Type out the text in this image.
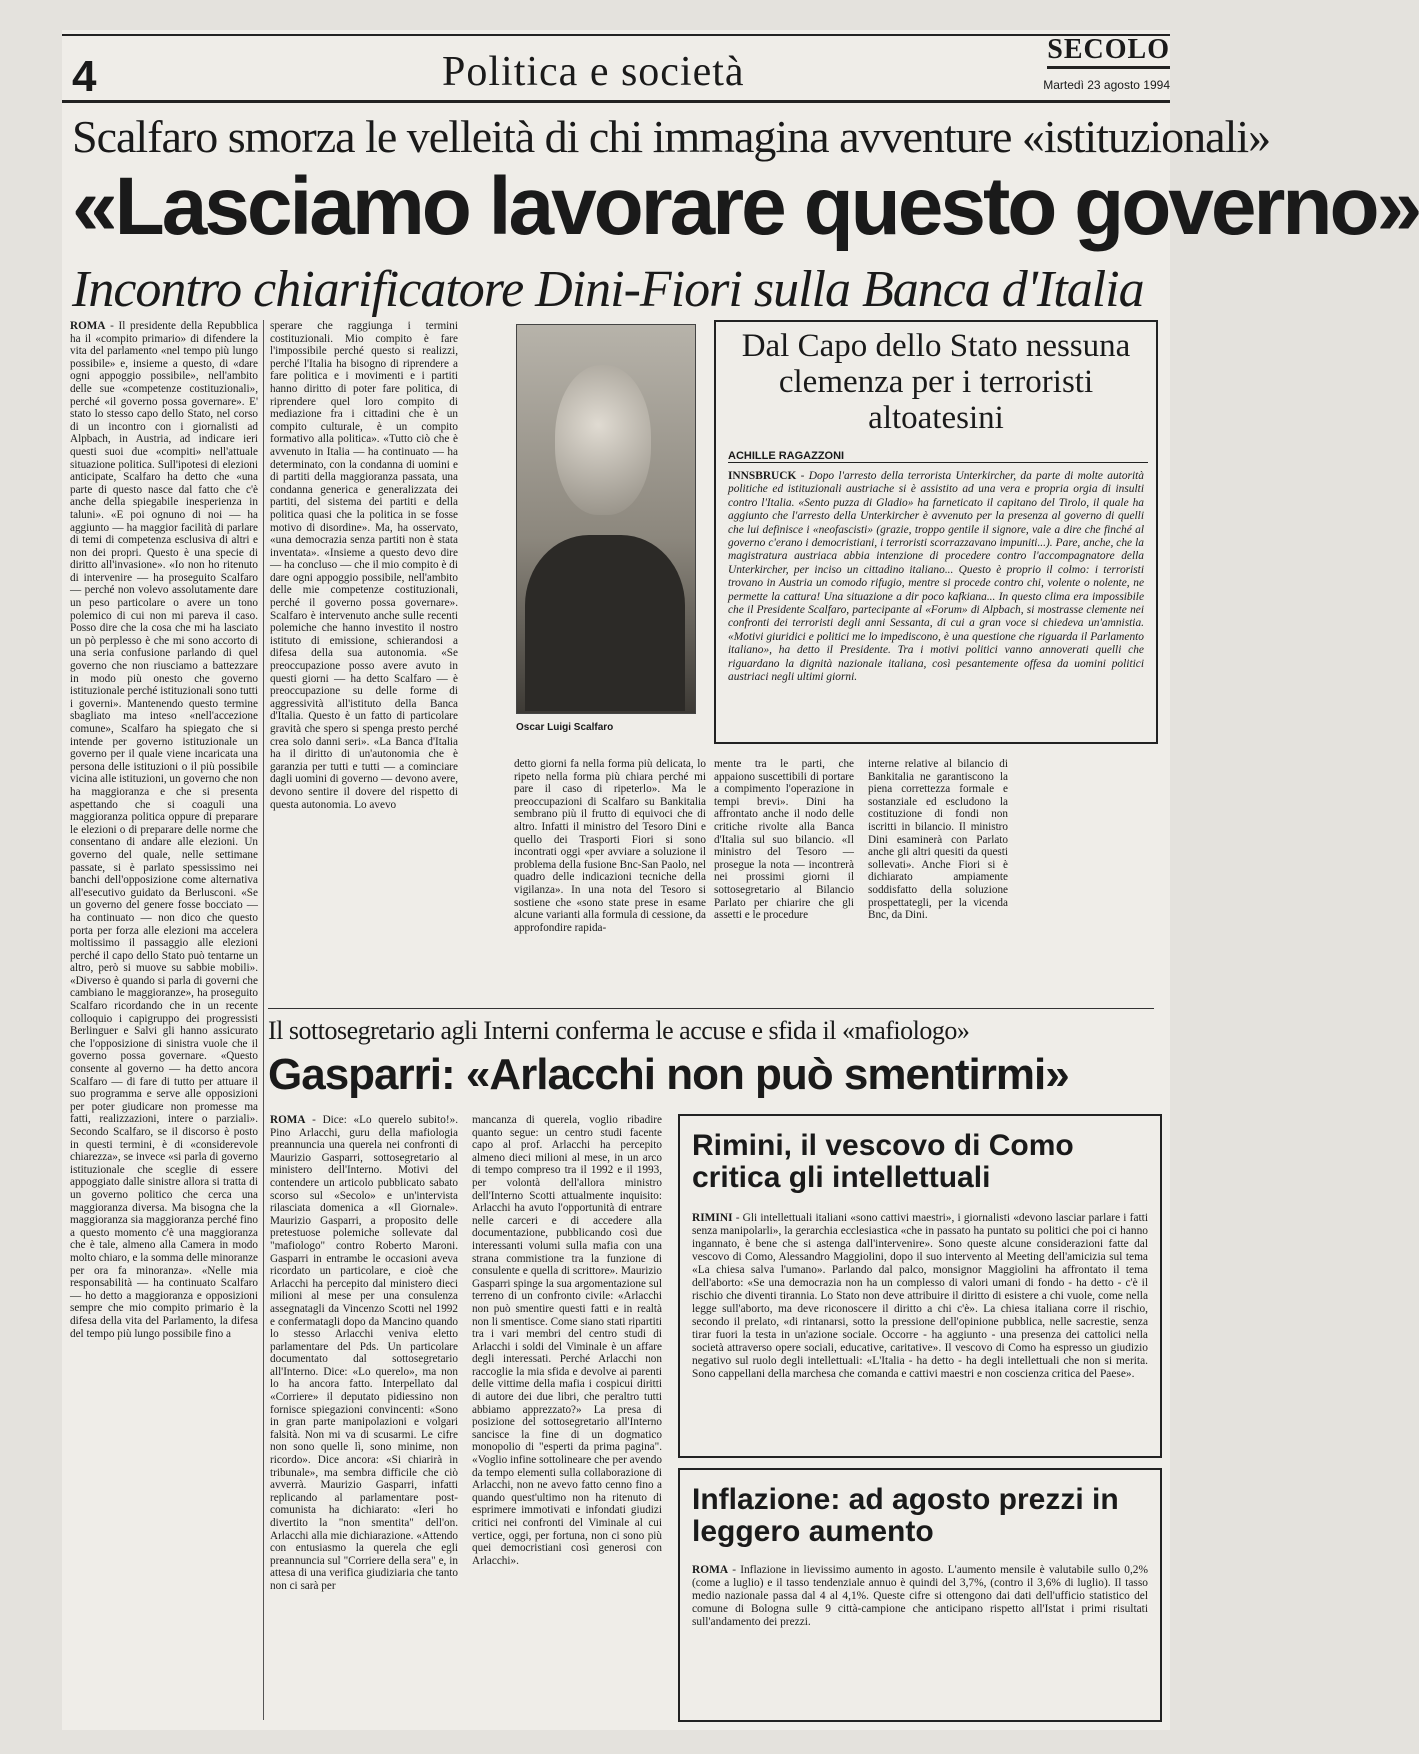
4	Politica e società	SECOLO
Martedì 23 agosto 1994
Scalfaro smorza le velleità di chi immagina avventure «istituzionali»
«Lasciamo lavorare questo governo»
Incontro chiarificatore Dini-Fiori sulla Banca d'Italia
ROMA - Il presidente della Repubblica ha il «compito primario» di difendere la vita del parlamento «nel tempo più lungo possibile» e, insieme a questo, di «dare ogni appoggio possibile», nell'ambito delle sue «competenze costituzionali», perché «il governo possa governare». E' stato lo stesso capo dello Stato, nel corso di un incontro con i giornalisti ad Alpbach, in Austria, ad indicare ieri questi suoi due «compiti» nell'attuale situazione politica. Sull'ipotesi di elezioni anticipate, Scalfaro ha detto che «una parte di questo nasce dal fatto che c'è anche della spiegabile inesperienza in taluni». «E poi ognuno di noi — ha aggiunto — ha maggior facilità di parlare di temi di competenza esclusiva di altri e non dei propri. Questo è una specie di diritto all'invasione». «Io non ho ritenuto di intervenire — ha proseguito Scalfaro — perché non volevo assolutamente dare un peso particolare o avere un tono polemico di cui non mi pareva il caso. Posso dire che la cosa che mi ha lasciato un pò perplesso è che mi sono accorto di una seria confusione parlando di quel governo che non riusciamo a battezzare in modo più onesto che governo istituzionale perché istituzionali sono tutti i governi». Mantenendo questo termine sbagliato ma inteso «nell'accezione comune», Scalfaro ha spiegato che si intende per governo istituzionale un governo per il quale viene incaricata una persona delle istituzioni o il più possibile vicina alle istituzioni, un governo che non ha maggioranza e che si presenta aspettando che si coaguli una maggioranza politica oppure di preparare le elezioni o di preparare delle norme che consentano di andare alle elezioni. Un governo del quale, nelle settimane passate, si è parlato spessissimo nei banchi dell'opposizione come alternativa all'esecutivo guidato da Berlusconi. «Se un governo del genere fosse bocciato — ha continuato — non dico che questo porta per forza alle elezioni ma accelera moltissimo il passaggio alle elezioni perché il capo dello Stato può tentarne un altro, però si muove su sabbie mobili». «Diverso è quando si parla di governi che cambiano le maggioranze», ha proseguito Scalfaro ricordando che in un recente colloquio i capigruppo dei progressisti Berlinguer e Salvi gli hanno assicurato che l'opposizione di sinistra vuole che il governo possa governare. «Questo consente al governo — ha detto ancora Scalfaro — di fare di tutto per attuare il suo programma e serve alle opposizioni per poter giudicare non promesse ma fatti, realizzazioni, intere o parziali». Secondo Scalfaro, se il discorso è posto in questi termini, è di «considerevole chiarezza», se invece «si parla di governo istituzionale che sceglie di essere appoggiato dalle sinistre allora si tratta di un governo politico che cerca una maggioranza diversa. Ma bisogna che la maggioranza sia maggioranza perché fino a questo momento c'è una maggioranza che è tale, almeno alla Camera in modo molto chiaro, e la somma delle minoranze per ora fa minoranza». «Nelle mia responsabilità — ha continuato Scalfaro — ho detto a maggioranza e opposizioni sempre che mio compito primario è la difesa della vita del Parlamento, la difesa del tempo più lungo possibile fino a
sperare che raggiunga i termini costituzionali. Mio compito è fare l'impossibile perché questo si realizzi, perché l'Italia ha bisogno di riprendere a fare politica e i movimenti e i partiti hanno diritto di poter fare politica, di riprendere quel loro compito di mediazione fra i cittadini che è un compito culturale, è un compito formativo alla politica». «Tutto ciò che è avvenuto in Italia — ha continuato — ha determinato, con la condanna di uomini e di partiti della maggioranza passata, una condanna generica e generalizzata dei partiti, del sistema dei partiti e della politica quasi che la politica in se fosse motivo di disordine». Ma, ha osservato, «una democrazia senza partiti non è stata inventata». «Insieme a questo devo dire — ha concluso — che il mio compito è di dare ogni appoggio possibile, nell'ambito delle mie competenze costituzionali, perché il governo possa governare». Scalfaro è intervenuto anche sulle recenti polemiche che hanno investito il nostro istituto di emissione, schierandosi a difesa della sua autonomia. «Se preoccupazione posso avere avuto in questi giorni — ha detto Scalfaro — è preoccupazione su delle forme di aggressività all'istituto della Banca d'Italia. Questo è un fatto di particolare gravità che spero si spenga presto perché crea solo danni seri». «La Banca d'Italia ha il diritto di un'autonomia che è garanzia per tutti e tutti — a cominciare dagli uomini di governo — devono avere, devono sentire il dovere del rispetto di questa autonomia. Lo avevo
Oscar Luigi Scalfaro
detto giorni fa nella forma più delicata, lo ripeto nella forma più chiara perché mi pare il caso di ripeterlo». Ma le preoccupazioni di Scalfaro su Bankitalia sembrano più il frutto di equivoci che di altro. Infatti il ministro del Tesoro Dini e quello dei Trasporti Fiori si sono incontrati oggi «per avviare a soluzione il problema della fusione Bnc-San Paolo, nel quadro delle indicazioni tecniche della vigilanza». In una nota del Tesoro si sostiene che «sono state prese in esame alcune varianti alla formula di cessione, da approfondire rapida-
Dal Capo dello Stato nessuna clemenza per i terroristi altoatesini
ACHILLE RAGAZZONI
INNSBRUCK - Dopo l'arresto della terrorista Unterkircher, da parte di molte autorità politiche ed istituzionali austriache si è assistito ad una vera e propria orgia di insulti contro l'Italia. «Sento puzza di Gladio» ha farneticato il capitano del Tirolo, il quale ha aggiunto che l'arresto della Unterkircher è avvenuto per la presenza al governo di quelli che lui definisce i «neofascisti» (grazie, troppo gentile il signore, vale a dire che finché al governo c'erano i democristiani, i terroristi scorrazzavano impuniti...). Pare, anche, che la magistratura austriaca abbia intenzione di procedere contro l'accompagnatore della Unterkircher, per inciso un cittadino italiano... Questo è proprio il colmo: i terroristi trovano in Austria un comodo rifugio, mentre si procede contro chi, volente o nolente, ne permette la cattura! Una situazione a dir poco kafkiana... In questo clima era impossibile che il Presidente Scalfaro, partecipante al «Forum» di Alpbach, si mostrasse clemente nei confronti dei terroristi degli anni Sessanta, di cui a gran voce si chiedeva un'amnistia. «Motivi giuridici e politici me lo impediscono, è una questione che riguarda il Parlamento italiano», ha detto il Presidente. Tra i motivi politici vanno annoverati quelli che riguardano la dignità nazionale italiana, così pesantemente offesa da uomini politici austriaci negli ultimi giorni.
mente tra le parti, che appaiono suscettibili di portare a compimento l'operazione in tempi brevi». Dini ha affrontato anche il nodo delle critiche rivolte alla Banca d'Italia sul suo bilancio. «Il ministro del Tesoro — prosegue la nota — incontrerà nei prossimi giorni il sottosegretario al Bilancio Parlato per chiarire che gli assetti e le procedure
interne relative al bilancio di Bankitalia ne garantiscono la piena correttezza formale e sostanziale ed escludono la costituzione di fondi non iscritti in bilancio. Il ministro Dini esaminerà con Parlato anche gli altri quesiti da questi sollevati». Anche Fiori si è dichiarato ampiamente soddisfatto della soluzione prospettategli, per la vicenda Bnc, da Dini.
Il sottosegretario agli Interni conferma le accuse e sfida il «mafiologo»
Gasparri: «Arlacchi non può smentirmi»
ROMA - Dice: «Lo querelo subito!». Pino Arlacchi, guru della mafiologia preannuncia una querela nei confronti di Maurizio Gasparri, sottosegretario al ministero dell'Interno. Motivi del contendere un articolo pubblicato sabato scorso sul «Secolo» e un'intervista rilasciata domenica a «Il Giornale». Maurizio Gasparri, a proposito delle pretestuose polemiche sollevate dal "mafiologo" contro Roberto Maroni. Gasparri in entrambe le occasioni aveva ricordato un particolare, e cioè che Arlacchi ha percepito dal ministero dieci milioni al mese per una consulenza assegnatagli da Vincenzo Scotti nel 1992 e confermatagli dopo da Mancino quando lo stesso Arlacchi veniva eletto parlamentare del Pds. Un particolare documentato dal sottosegretario all'Interno. Dice: «Lo querelo», ma non lo ha ancora fatto. Interpellato dal «Corriere» il deputato pidiessino non fornisce spiegazioni convincenti: «Sono in gran parte manipolazioni e volgari falsità. Non mi va di scusarmi. Le cifre non sono quelle lì, sono minime, non ricordo». Dice ancora: «Si chiarirà in tribunale», ma sembra difficile che ciò avverrà. Maurizio Gasparri, infatti replicando al parlamentare post-comunista ha dichiarato: «Ieri ho divertito la "non smentita" dell'on. Arlacchi alla mie dichiarazione. «Attendo con entusiasmo la querela che egli preannuncia sul "Corriere della sera" e, in attesa di una verifica giudiziaria che tanto non ci sarà per
mancanza di querela, voglio ribadire quanto segue: un centro studi facente capo al prof. Arlacchi ha percepito almeno dieci milioni al mese, in un arco di tempo compreso tra il 1992 e il 1993, per volontà dell'allora ministro dell'Interno Scotti attualmente inquisito: Arlacchi ha avuto l'opportunità di entrare nelle carceri e di accedere alla documentazione, pubblicando così due interessanti volumi sulla mafia con una strana commistione tra la funzione di consulente e quella di scrittore». Maurizio Gasparri spinge la sua argomentazione sul terreno di un confronto civile: «Arlacchi non può smentire questi fatti e in realtà non li smentisce. Come siano stati ripartiti tra i vari membri del centro studi di Arlacchi i soldi del Viminale è un affare degli interessati. Perché Arlacchi non raccoglie la mia sfida e devolve ai parenti delle vittime della mafia i cospicui diritti di autore dei due libri, che peraltro tutti abbiamo apprezzato?» La presa di posizione del sottosegretario all'Interno sancisce la fine di un dogmatico monopolio di "esperti da prima pagina". «Voglio infine sottolineare che per avendo da tempo elementi sulla collaborazione di Arlacchi, non ne avevo fatto cenno fino a quando quest'ultimo non ha ritenuto di esprimere immotivati e infondati giudizi critici nei confronti del Viminale al cui vertice, oggi, per fortuna, non ci sono più quei democristiani così generosi con Arlacchi».
Rimini, il vescovo di Como critica gli intellettuali
RIMINI - Gli intellettuali italiani «sono cattivi maestri», i giornalisti «devono lasciar parlare i fatti senza manipolarli», la gerarchia ecclesiastica «che in passato ha puntato su politici che poi ci hanno ingannato, è bene che si astenga dall'intervenire». Sono queste alcune considerazioni fatte dal vescovo di Como, Alessandro Maggiolini, dopo il suo intervento al Meeting dell'amicizia sul tema «La chiesa salva l'umano». Parlando dal palco, monsignor Maggiolini ha affrontato il tema dell'aborto: «Se una democrazia non ha un complesso di valori umani di fondo - ha detto - c'è il rischio che diventi tirannia. Lo Stato non deve attribuire il diritto di esistere a chi vuole, come nella legge sull'aborto, ma deve riconoscere il diritto a chi c'è». La chiesa italiana corre il rischio, secondo il prelato, «di rintanarsi, sotto la pressione dell'opinione pubblica, nelle sacrestie, senza tirar fuori la testa in un'azione sociale. Occorre - ha aggiunto - una presenza dei cattolici nella società attraverso opere sociali, educative, caritative». Il vescovo di Como ha espresso un giudizio negativo sul ruolo degli intellettuali: «L'Italia - ha detto - ha degli intellettuali che non si merita. Sono cappellani della marchesa che comanda e cattivi maestri e non coscienza critica del Paese».
Inflazione: ad agosto prezzi in leggero aumento
ROMA - Inflazione in lievissimo aumento in agosto. L'aumento mensile è valutabile sullo 0,2% (come a luglio) e il tasso tendenziale annuo è quindi del 3,7%, (contro il 3,6% di luglio). Il tasso medio nazionale passa dal 4 al 4,1%. Queste cifre si ottengono dai dati dell'ufficio statistico del comune di Bologna sulle 9 città-campione che anticipano rispetto all'Istat i primi risultati sull'andamento dei prezzi.
